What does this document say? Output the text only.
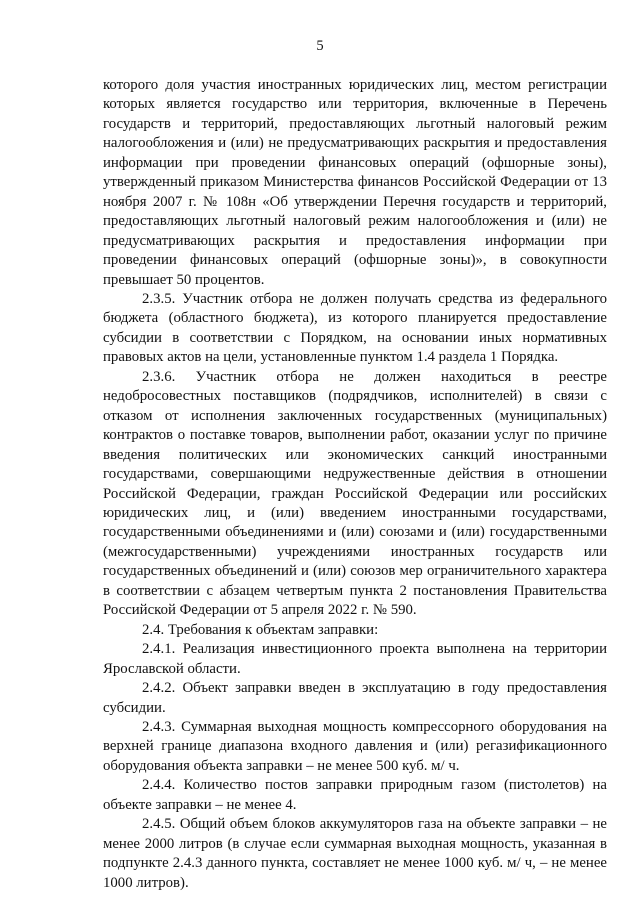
5

которого доля участия иностранных юридических лиц, местом регистрации которых является государство или территория, включенные в Перечень государств и территорий, предоставляющих льготный налоговый режим налогообложения и (или) не предусматривающих раскрытия и предоставления информации при проведении финансовых операций (офшорные зоны), утвержденный приказом Министерства финансов Российской Федерации от 13 ноября 2007 г. № 108н «Об утверждении Перечня государств и территорий, предоставляющих льготный налоговый режим налогообложения и (или) не предусматривающих раскрытия и предоставления информации при проведении финансовых операций (офшорные зоны)», в совокупности превышает 50 процентов.

2.3.5. Участник отбора не должен получать средства из федерального бюджета (областного бюджета), из которого планируется предоставление субсидии в соответствии с Порядком, на основании иных нормативных правовых актов на цели, установленные пунктом 1.4 раздела 1 Порядка.

2.3.6. Участник отбора не должен находиться в реестре недобросовестных поставщиков (подрядчиков, исполнителей) в связи с отказом от исполнения заключенных государственных (муниципальных) контрактов о поставке товаров, выполнении работ, оказании услуг по причине введения политических или экономических санкций иностранными государствами, совершающими недружественные действия в отношении Российской Федерации, граждан Российской Федерации или российских юридических лиц, и (или) введением иностранными государствами, государственными объединениями и (или) союзами и (или) государственными (межгосударственными) учреждениями иностранных государств или государственных объединений и (или) союзов мер ограничительного характера в соответствии с абзацем четвертым пункта 2 постановления Правительства Российской Федерации от 5 апреля 2022 г. № 590.

2.4. Требования к объектам заправки:

2.4.1. Реализация инвестиционного проекта выполнена на территории Ярославской области.

2.4.2. Объект заправки введен в эксплуатацию в году предоставления субсидии.

2.4.3. Суммарная выходная мощность компрессорного оборудования на верхней границе диапазона входного давления и (или) регазификационного оборудования объекта заправки – не менее 500 куб. м/ ч.

2.4.4. Количество постов заправки природным газом (пистолетов) на объекте заправки – не менее 4.

2.4.5. Общий объем блоков аккумуляторов газа на объекте заправки – не менее 2000 литров (в случае если суммарная выходная мощность, указанная в подпункте 2.4.3 данного пункта, составляет не менее 1000 куб. м/ ч, – не менее 1000 литров).
